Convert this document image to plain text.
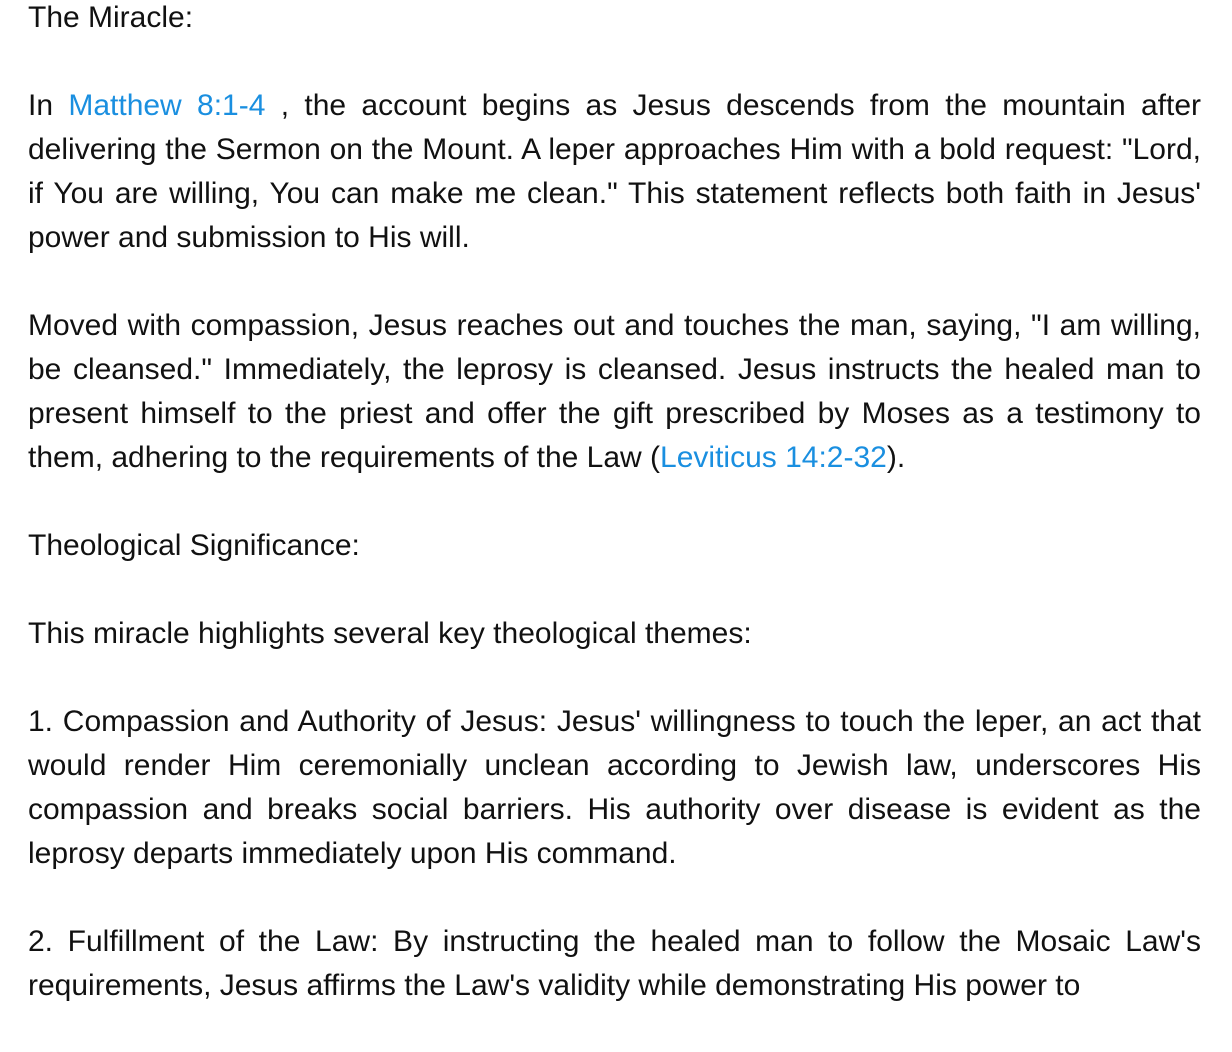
The Miracle:

In Matthew 8:1-4 , the account begins as Jesus descends from the mountain after delivering the Sermon on the Mount. A leper approaches Him with a bold request: "Lord, if You are willing, You can make me clean." This statement reflects both faith in Jesus' power and submission to His will.

Moved with compassion, Jesus reaches out and touches the man, saying, "I am willing, be cleansed." Immediately, the leprosy is cleansed. Jesus instructs the healed man to present himself to the priest and offer the gift prescribed by Moses as a testimony to them, adhering to the requirements of the Law (Leviticus 14:2-32).

Theological Significance:

This miracle highlights several key theological themes:

1. Compassion and Authority of Jesus: Jesus' willingness to touch the leper, an act that would render Him ceremonially unclean according to Jewish law, underscores His compassion and breaks social barriers. His authority over disease is evident as the leprosy departs immediately upon His command.

2. Fulfillment of the Law: By instructing the healed man to follow the Mosaic Law's requirements, Jesus affirms the Law's validity while demonstrating His power to
